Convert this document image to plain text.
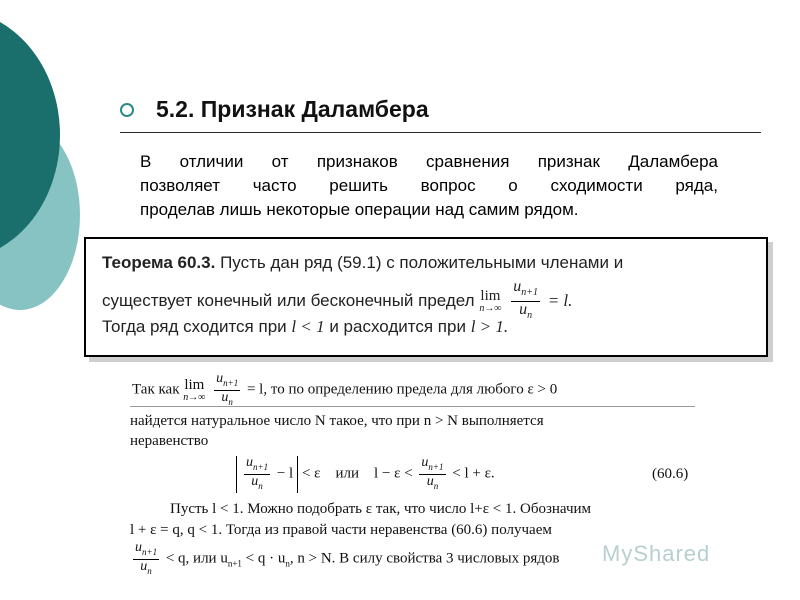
5.2. Признак Даламбера

В отличии от признаков сравнения признак Даламбера
позволяет часто решить вопрос о сходимости ряда,
проделав лишь некоторые операции над самим рядом.

Теорема 60.3. Пусть дан ряд (59.1) с положительными членами и
существует конечный или бесконечный предел lim
n→∞
$\frac{u_{n+1}}{u_n} = l$.
Тогда ряд сходится при l < 1 и расходится при l > 1.
Так как lim
n→∞
$\frac{u_{n+1}}{u_n} = l$, то по определению предела для любого ε > 0
найдется натуральное число N такое, что при n > N выполняется
неравенство
$\frac{u_{n+1}}{u_n} - l < \varepsilon$ или $l - \varepsilon < \frac{u_{n+1}}{u_n} < l + \varepsilon$.	(60.6)
Пусть l < 1. Можно подобрать ε так, что число l+ε < 1. Обозначим
l + ε = q, q < 1. Тогда из правой части неравенства (60.6) получаем
$\frac{u_{n+1}}{u_n} < q$, или $u_{n+1} < q \cdot u_n$, n > N. В силу свойства 3 числовых рядов MyShared
